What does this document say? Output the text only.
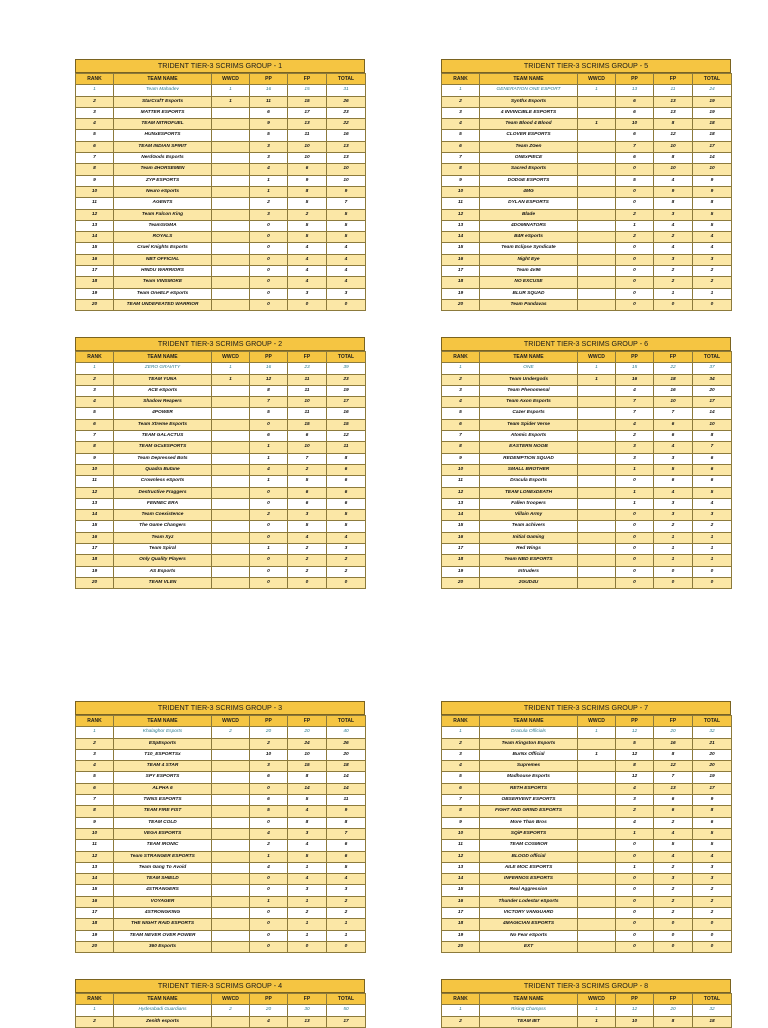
TRIDENT TIER-3 SCRIMS GROUP - 1
RANK	TEAM NAME	WWCD	PP	FP	TOTAL
1	Team Mahadev	1	16	15	31
2	StarCrafT Esports	1	11	15	26
3	MATTER ESPORTS		6	17	23
4	TEAM NITROFUEL		9	13	22
5	HUNxESPORTS		5	11	16
6	TEAM INDIAN SPIRIT		3	10	13
7	NerdGods Esports		3	10	13
8	Team 4HORSEMEN		4	6	10
9	ZYP ESPORTS		1	9	10
10	Neuro eSports		1	8	9
11	AGENTS		2	5	7
12	Team Falcon King		3	2	5
13	TeamSIGMA		0	5	5
14	ROYALS		0	5	5
15	Cruel Knights Esports		0	4	4
16	NBT OFFICIAL		0	4	4
17	HINDU WARRIORS		0	4	4
18	Team VINSMOKE		0	4	4
19	Team OneELF eSports		0	3	3
20	TEAM UNDEFEATED WARRIOR		0	0	0
TRIDENT TIER-3 SCRIMS GROUP - 5
RANK	TEAM NAME	WWCD	PP	FP	TOTAL
1	GENERATION ONE ESPORT	1	13	11	24
2	Synthx Esports		6	13	19
3	4 INVINCIBLE ESPORTS		6	13	19
4	Team Blood 4 Blood	1	10	8	18
5	CLOVER ESPORTS		6	12	18
6	Team ZGen		7	10	17
7	ONExPIECE		6	8	14
8	Sacred Esports		0	10	10
9	DODGE ESPORTS		5	4	9
10	4MG		0	9	9
11	DYLAN ESPORTS		0	8	8
12	Blade		2	3	5
13	4DOMINATORS		1	4	5
14	B4R eSports		2	2	4
15	Team Eclipse Syndicate		0	4	4
16	Night Eye		0	3	3
17	Team 4v96		0	2	2
18	NO EXCUSE		0	2	2
19	BLUR SQUAD		0	1	1
20	Team Pandavas		0	0	0
TRIDENT TIER-3 SCRIMS GROUP - 2
RANK	TEAM NAME	WWCD	PP	FP	TOTAL
1	ZERO GRAVITY	1	16	23	39
2	TEAM YUNA	1	12	11	23
3	ACE eSports		8	11	19
4	Shadow Reapers		7	10	17
5	4POWER		5	11	16
6	Team Xtreme Esports		0	15	15
7	TEAM GALACTUS		6	6	12
8	TEAM GCxESPORTS		1	10	11
9	Team Depressed Bots		1	7	8
10	Quadra Butane		4	2	6
11	Crownless eSports		1	5	6
12	Destructive Fraggers		0	6	6
13	FENNEC ERA		0	6	6
14	Team Coexistence		2	3	5
15	The Game Changers		0	5	5
16	Team Xyz		0	4	4
17	Team Spiral		1	2	3
18	Only Quality Players		0	2	2
19	AS Esports		0	2	2
20	TEAM VLEN		0	0	0
TRIDENT TIER-3 SCRIMS GROUP - 6
RANK	TEAM NAME	WWCD	PP	FP	TOTAL
1	ONE	1	15	22	37
2	Team Undergods	1	16	18	34
3	Team Phenomenal		4	16	20
4	Team Axon Esports		7	10	17
5	Cazer Esports		7	7	14
6	Team Spider Verse		4	6	10
7	Atomic Esports		2	6	8
8	EASTERN NOOB		3	4	7
9	REDEMPTION SQUAD		3	3	6
10	SMALL BROTHER		1	5	6
11	Dracula Esports		0	6	6
12	TEAM LONExDEATH		1	4	5
13	Fallen troopers		1	3	4
14	Villain Army		0	3	3
15	Team achivers		0	2	2
16	Initial Gaming		0	1	1
17	Red Wings		0	1	1
18	Team NBD ESPORTS		0	1	1
19	Intruders		0	0	0
20	2GUD4U		0	0	0
TRIDENT TIER-3 SCRIMS GROUP - 3
RANK	TEAM NAME	WWCD	PP	FP	TOTAL
1	Khalaghor Esports	2	20	20	40
2	ESpEsports		2	24	26
3	T10_ESPORTSx		10	10	20
4	TEAM 4 STAR		3	15	18
5	SPY ESPORTS		6	8	14
6	ALPHA 6		0	14	14
7	TWNS ESPORTS		6	5	11
8	TEAM FIRE FIST		5	4	9
9	TEAM COLD		0	8	8
10	VEGA ESPORTS		4	3	7
11	TEAM IRONIC		2	4	6
12	Team STRANGER ESPORTS		1	5	6
13	Team Gang To Avoid		4	1	5
14	TEAM SHIELD		0	4	4
15	4STRANGERS		0	3	3
16	VOYAGER		1	1	2
17	4STRONGKING		0	2	2
18	THE NIGHT RAID ESPORTS		0	1	1
19	TEAM NEVER OVER POWER		0	1	1
20	360 Esports		0	0	0
TRIDENT TIER-3 SCRIMS GROUP - 7
RANK	TEAM NAME	WWCD	PP	FP	TOTAL
1	Dracula Officials	1	12	20	32
2	Team Kingston Esports		5	16	21
3	BurNx Official	1	12	8	20
4	Supremes		8	12	20
5	Madhouse Esports		12	7	19
6	RETH ESPORTS		4	13	17
7	OBSERVENT ESPORTS		3	6	9
8	FIGHT AND GRIND ESPORTS		2	6	8
9	More Than Bros		4	2	6
10	SQiP ESPORTS		1	4	5
11	TEAM COSMIOR		0	5	5
12	BLOOD official		0	4	4
13	AILE MOC ESPORTS		1	2	3
14	INFERNOS ESPORTS		0	3	3
15	Real Aggression		0	2	2
16	Thunder Lodestar eSports		0	2	2
17	VICTORY VANGUARD		0	2	2
18	4MAGICIAN ESPORTS		0	0	0
19	No Fear eSports		0	0	0
20	EXT		0	0	0
TRIDENT TIER-3 SCRIMS GROUP - 4
RANK	TEAM NAME	WWCD	PP	FP	TOTAL
1	Hyderabadi Guardians	2	20	30	50
2	Zenith esports		4	13	17
TRIDENT TIER-3 SCRIMS GROUP - 8
RANK	TEAM NAME	WWCD	PP	FP	TOTAL
1	Rising Champss	1	12	20	32
2	TEAM IBT	1	10	8	18
